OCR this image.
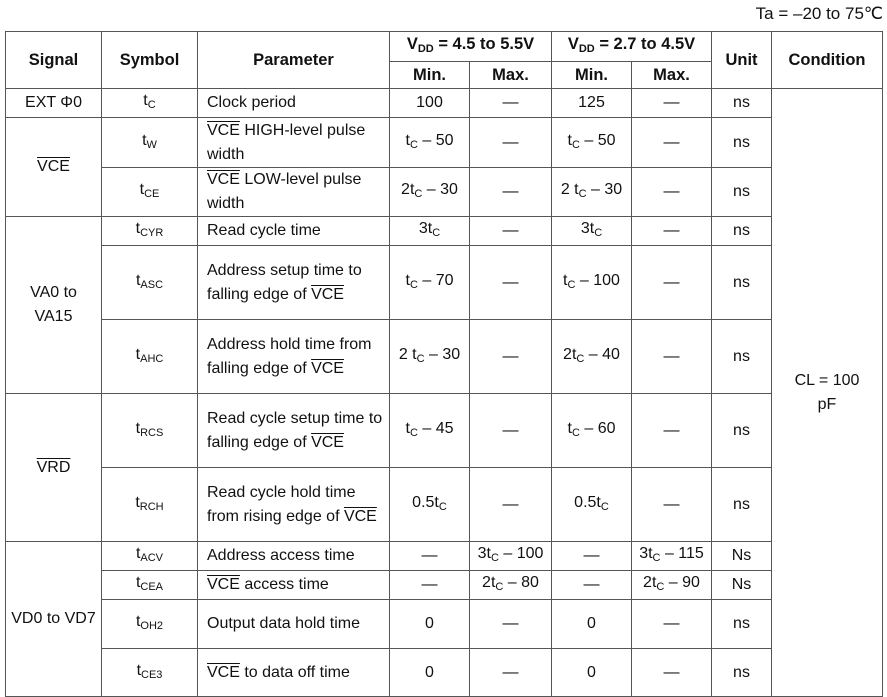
Ta = –20 to 75℃
Signal	Symbol	Parameter	VDD = 4.5 to 5.5V		VDD = 2.7 to 4.5V		Unit	Condition
			Min.	Max.	Min.	Max.		
EXT Φ0	$t_C$	Clock period	100	—	125	—	ns	CL = 100 pF
$\overline{VCE}$	$t_W$	$\overline{VCE}$ HIGH-level pulse width	$t_C - 50$	—	$t_C - 50$	—	ns	
	$t_{CE}$	$\overline{VCE}$ LOW-level pulse width	$2t_C - 30$	—	2 $t_C - 30$	—	ns	
VA0 to VA15	$t_{CYR}$	Read cycle time	$3t_C$	—	$3t_C$	—	ns	
	$t_{ASC}$	Address setup time to falling edge of $\overline{VCE}$	$t_C - 70$	—	$t_C - 100$	—	ns	
	$t_{AHC}$	Address hold time from falling edge of $\overline{VCE}$	2 $t_C - 30$	—	$2t_C - 40$	—	ns	
$\overline{VRD}$	$t_{RCS}$	Read cycle setup time to falling edge of $\overline{VCE}$	$t_C - 45$	—	$t_C - 60$	—	ns	
	$t_{RCH}$	Read cycle hold time from rising edge of $\overline{VCE}$	$0.5t_C$	—	$0.5t_C$	—	ns	
VD0 to VD7	$t_{ACV}$	Address access time	—	$3t_C - 100$	—	$3t_C - 115$	Ns	
	$t_{CEA}$	$\overline{VCE}$ access time	—	$2t_C - 80$	—	$2t_C - 90$	Ns	
	$t_{OH2}$	Output data hold time	0	—	0	—	ns	
	$t_{CE3}$	$\overline{VCE}$ to data off time	0	—	0	—	ns	
